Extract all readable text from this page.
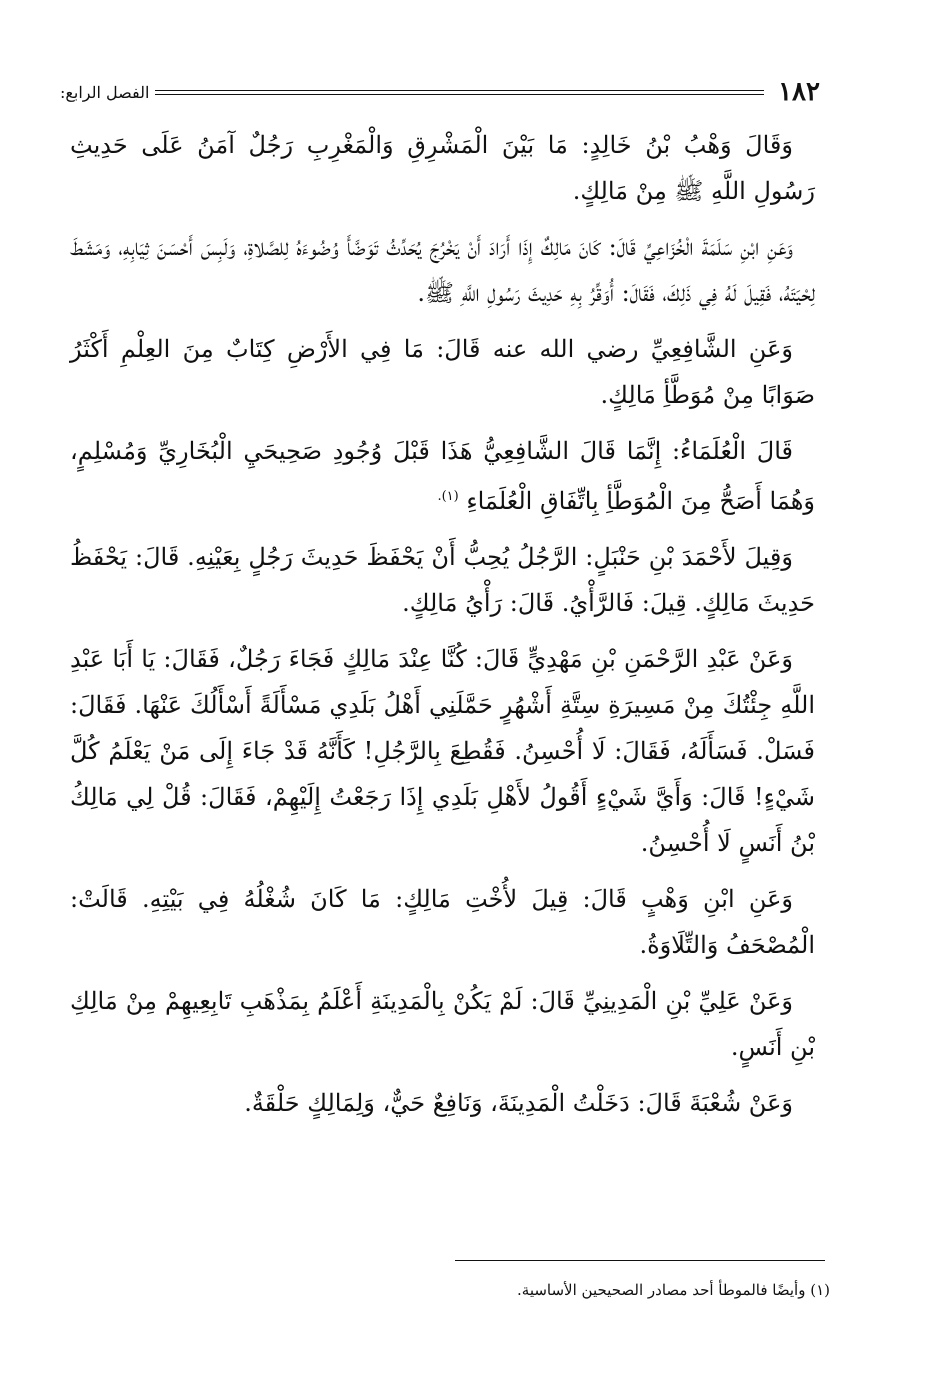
١٨٢
الفصل الرابع:

وَقَالَ وَهْبُ بْنُ خَالِدٍ: مَا بَيْنَ الْمَشْرِقِ وَالْمَغْرِبِ رَجُلٌ آمَنُ عَلَى حَدِيثِ رَسُولِ اللَّهِ ﷺ مِنْ مَالِكٍ.

وَعَنِ ابْنِ سَلَمَةَ الْخُزَاعِيِّ قَالَ: كَانَ مَالِكٌ إِذَا أَرَادَ أَنْ يَخْرُجَ يُحَدِّثُ تَوَضَّأَ وُضُوءَهُ لِلصَّلاةِ، وَلَبِسَ أَحْسَنَ ثِيَابِهِ، وَمَشَطَ لِحْيَتَهُ، فَقِيلَ لَهُ فِي ذَلِكَ، فَقَالَ: أُوَقِّرُ بِهِ حَدِيثَ رَسُولِ اللَّهِ ﷺ.

وَعَنِ الشَّافِعِيِّ رضي الله عنه قَالَ: مَا فِي الأَرْضِ كِتَابٌ مِنَ العِلْمِ أَكْثَرُ صَوَابًا مِنْ مُوَطَّأِ مَالِكٍ.

قَالَ الْعُلَمَاءُ: إِنَّمَا قَالَ الشَّافِعِيُّ هَذَا قَبْلَ وُجُودِ صَحِيحَيِ الْبُخَارِيِّ وَمُسْلِمٍ، وَهُمَا أَصَحُّ مِنَ الْمُوَطَّأِ بِاتِّفَاقِ الْعُلَمَاءِ $^{(١).}$

وَقِيلَ لأَحْمَدَ بْنِ حَنْبَلٍ: الرَّجُلُ يُحِبُّ أَنْ يَحْفَظَ حَدِيثَ رَجُلٍ بِعَيْنِهِ. قَالَ: يَحْفَظُ حَدِيثَ مَالِكٍ. قِيلَ: فَالرَّأْيُ. قَالَ: رَأْيُ مَالِكٍ.

وَعَنْ عَبْدِ الرَّحْمَنِ بْنِ مَهْدِيٍّ قَالَ: كُنَّا عِنْدَ مَالِكٍ فَجَاءَ رَجُلٌ، فَقَالَ: يَا أَبَا عَبْدِ اللَّهِ جِئْتُكَ مِنْ مَسِيرَةِ سِتَّةِ أَشْهُرٍ حَمَّلَنِي أَهْلُ بَلَدِي مَسْأَلَةً أَسْأَلُكَ عَنْهَا. فَقَالَ: فَسَلْ. فَسَأَلَهُ، فَقَالَ: لَا أُحْسِنُ. فَقُطِعَ بِالرَّجُلِ! كَأَنَّهُ قَدْ جَاءَ إِلَى مَنْ يَعْلَمُ كُلَّ شَيْءٍ! قَالَ: وَأَيَّ شَيْءٍ أَقُولُ لأَهْلِ بَلَدِي إِذَا رَجَعْتُ إِلَيْهِمْ، فَقَالَ: قُلْ لِي مَالِكُ بْنُ أَنَسٍ لَا أُحْسِنُ.

وَعَنِ ابْنِ وَهْبٍ قَالَ: قِيلَ لأُخْتِ مَالِكٍ: مَا كَانَ شُغْلُهُ فِي بَيْتِهِ. قَالَتْ: الْمُصْحَفُ وَالتِّلَاوَةُ.

وَعَنْ عَلِيِّ بْنِ الْمَدِينِيِّ قَالَ: لَمْ يَكُنْ بِالْمَدِينَةِ أَعْلَمُ بِمَذْهَبِ تَابِعِيهِمْ مِنْ مَالِكِ بْنِ أَنَسٍ.

وَعَنْ شُعْبَةَ قَالَ: دَخَلْتُ الْمَدِينَةَ، وَنَافِعٌ حَيٌّ، وَلِمَالِكٍ حَلْقَةٌ.

(١) وأيضًا فالموطأ أحد مصادر الصحيحين الأساسية.
